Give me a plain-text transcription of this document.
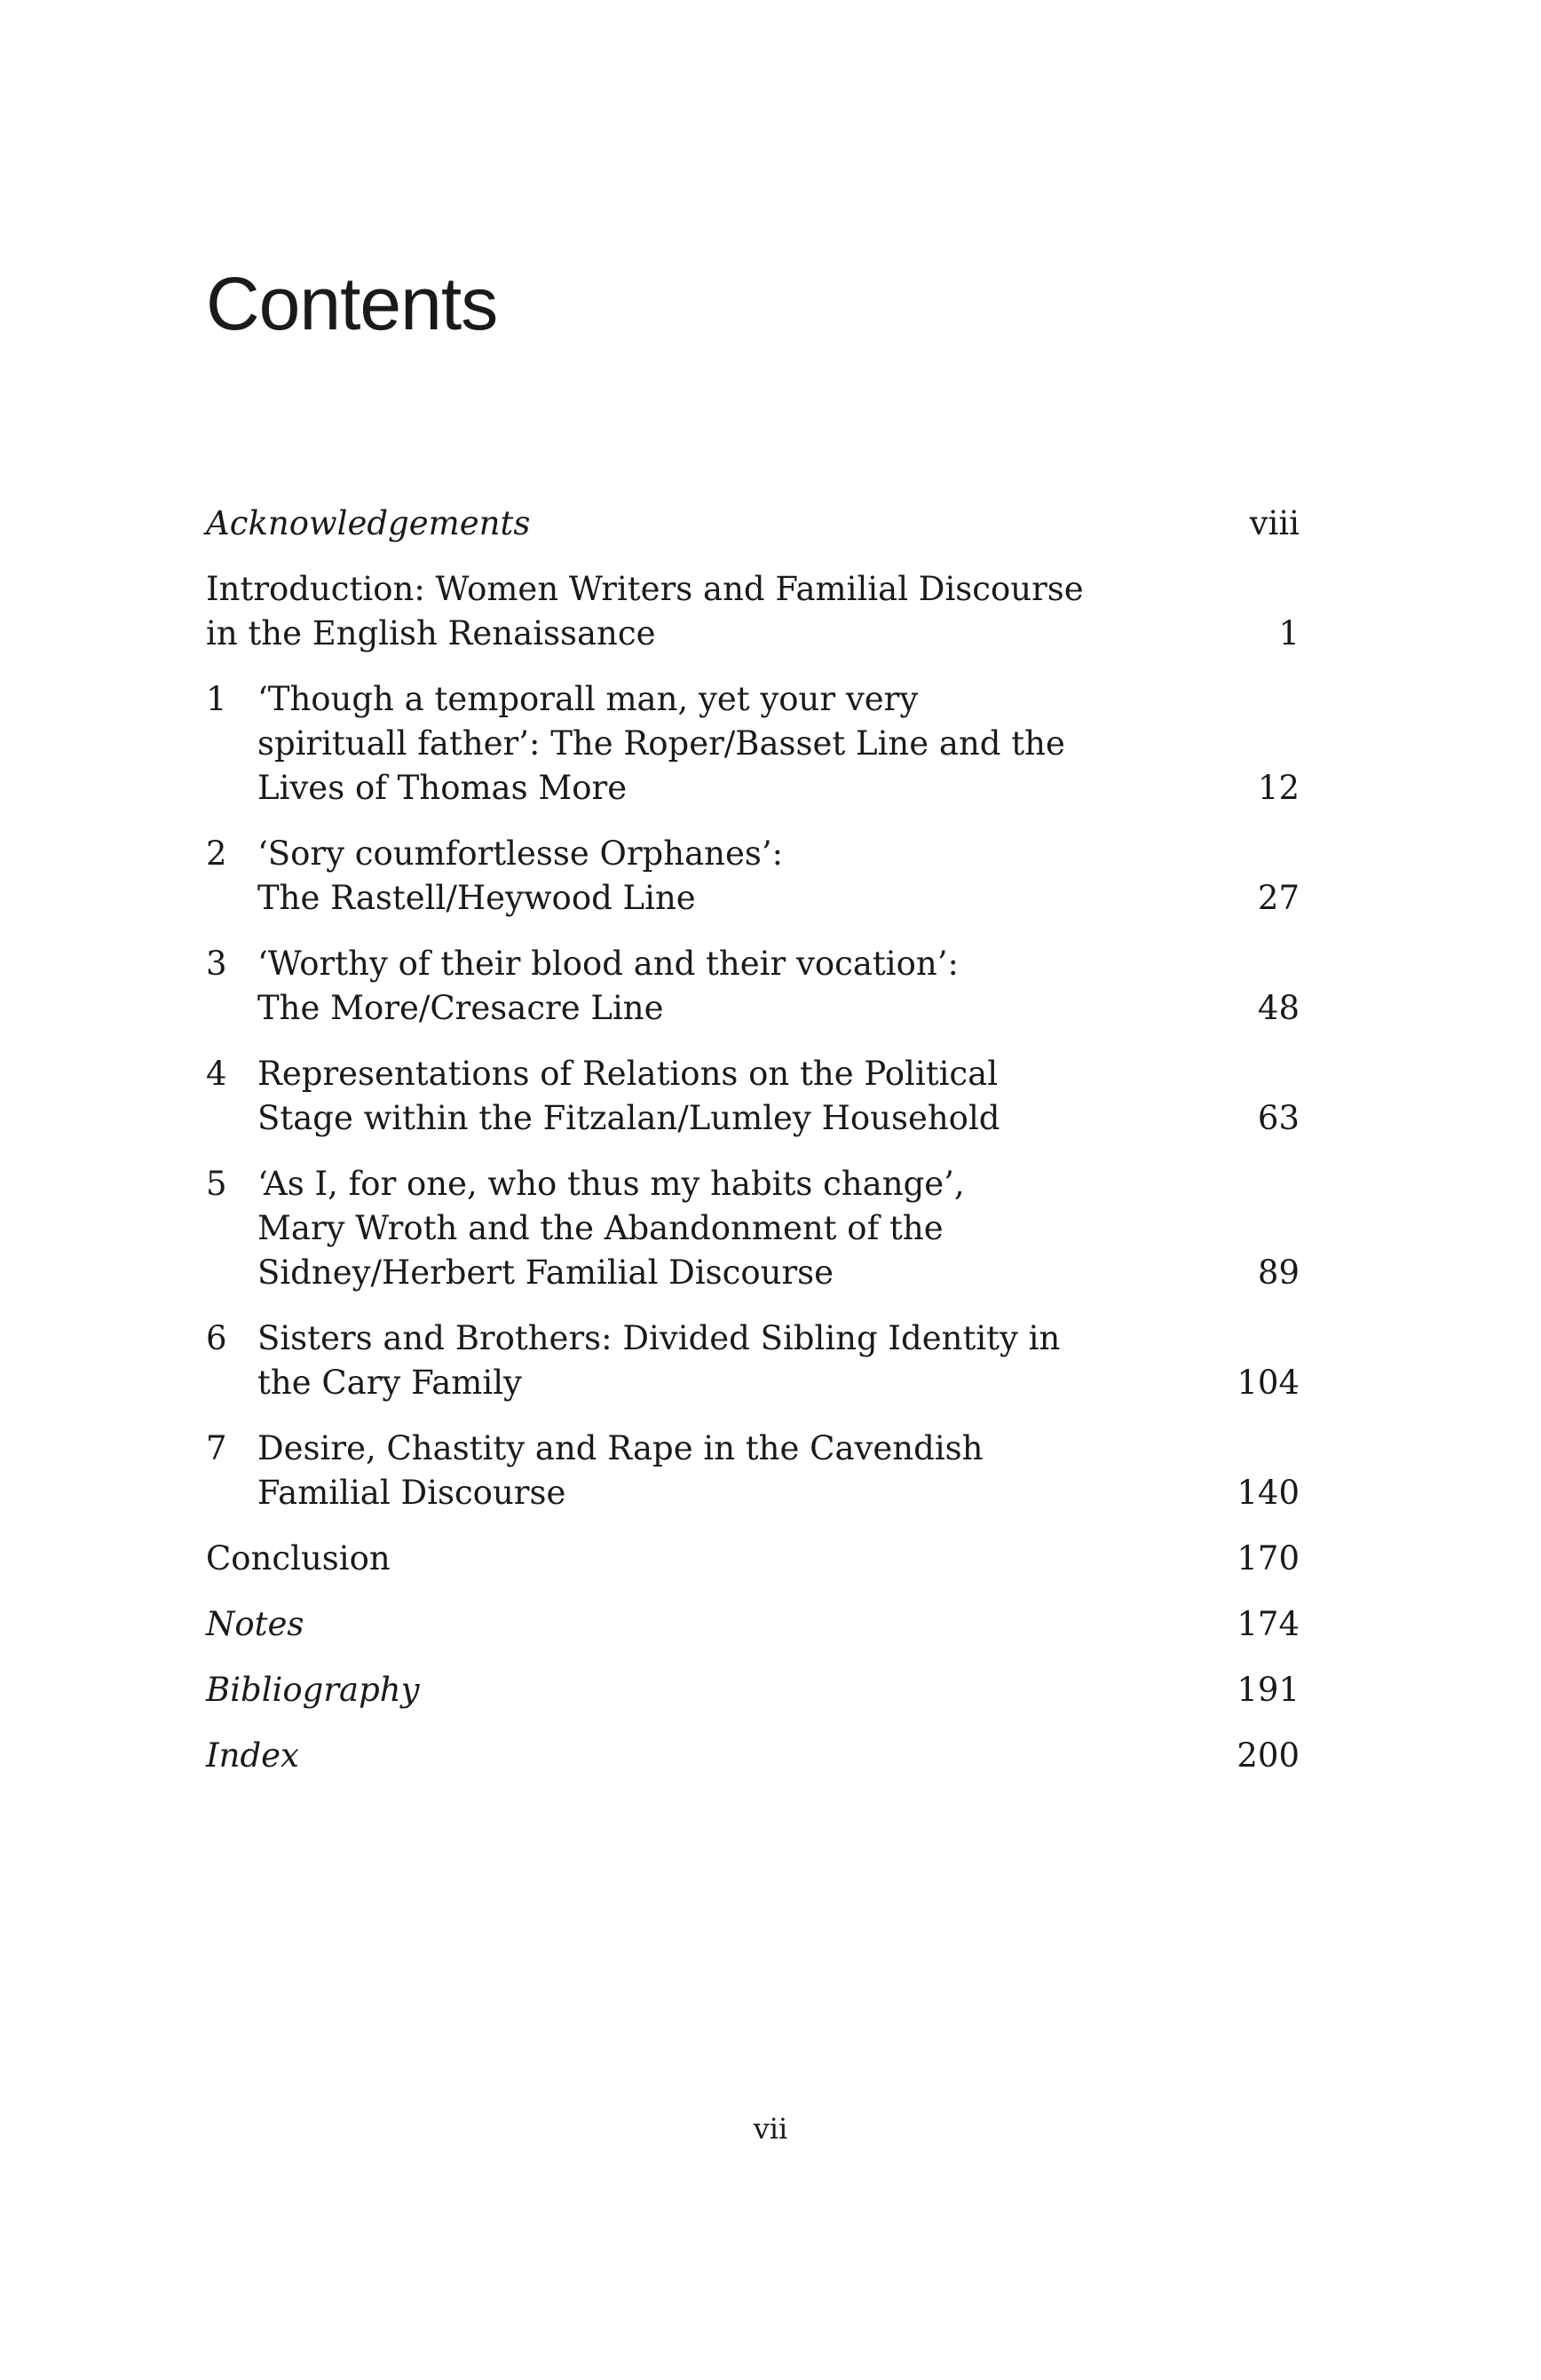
Contents
Acknowledgements	viii
Introduction: Women Writers and Familial Discourse
in the English Renaissance	1
1 ‘Though a temporall man, yet your very
spirituall father’: The Roper/Basset Line and the
Lives of Thomas More	12
2 ‘Sory coumfortlesse Orphanes’:
The Rastell/Heywood Line	27
3 ‘Worthy of their blood and their vocation’:
The More/Cresacre Line	48
4 Representations of Relations on the Political
Stage within the Fitzalan/Lumley Household	63
5 ‘As I, for one, who thus my habits change’,
Mary Wroth and the Abandonment of the
Sidney/Herbert Familial Discourse	89
6 Sisters and Brothers: Divided Sibling Identity in
the Cary Family	104
7 Desire, Chastity and Rape in the Cavendish
Familial Discourse	140
Conclusion	170
Notes	174
Bibliography	191
Index	200
vii
